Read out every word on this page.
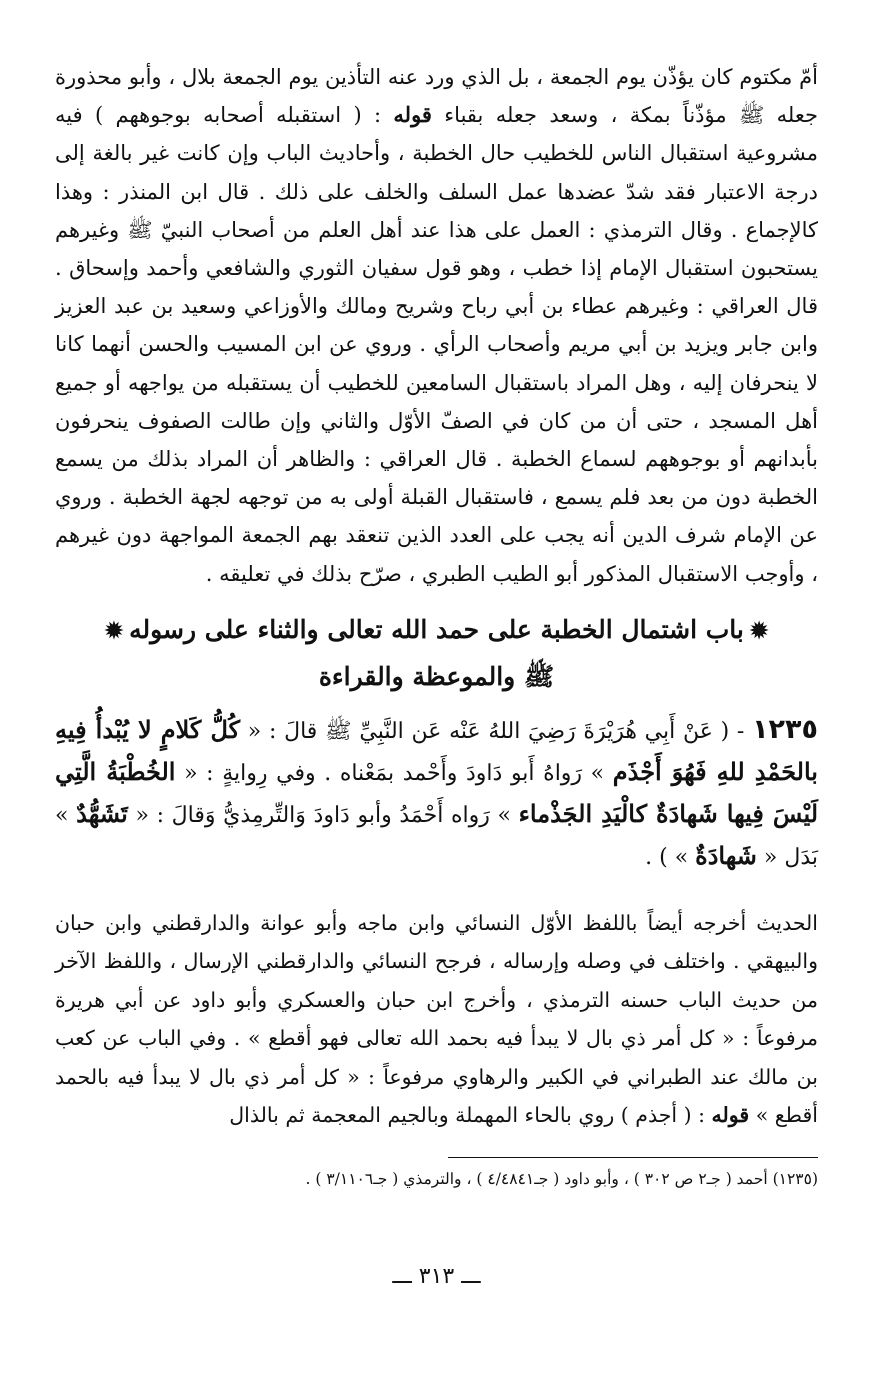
أمّ مكتوم كان يؤذّن يوم الجمعة ، بل الذي ورد عنه التأذين يوم الجمعة بلال ، وأبو محذورة جعله ﷺ مؤذّناً بمكة ، وسعد جعله بقباء قوله : ( استقبله أصحابه بوجوههم ) فيه مشروعية استقبال الناس للخطيب حال الخطبة ، وأحاديث الباب وإن كانت غير بالغة إلى درجة الاعتبار فقد شدّ عضدها عمل السلف والخلف على ذلك . قال ابن المنذر : وهذا كالإجماع . وقال الترمذي : العمل على هذا عند أهل العلم من أصحاب النبيّ ﷺ وغيرهم يستحبون استقبال الإمام إذا خطب ، وهو قول سفيان الثوري والشافعي وأحمد وإسحاق . قال العراقي : وغيرهم عطاء بن أبي رباح وشريح ومالك والأوزاعي وسعيد بن عبد العزيز وابن جابر ويزيد بن أبي مريم وأصحاب الرأي . وروي عن ابن المسيب والحسن أنهما كانا لا ينحرفان إليه ، وهل المراد باستقبال السامعين للخطيب أن يستقبله من يواجهه أو جميع أهل المسجد ، حتى أن من كان في الصفّ الأوّل والثاني وإن طالت الصفوف ينحرفون بأبدانهم أو بوجوههم لسماع الخطبة . قال العراقي : والظاهر أن المراد بذلك من يسمع الخطبة دون من بعد فلم يسمع ، فاستقبال القبلة أولى به من توجهه لجهة الخطبة . وروي عن الإمام شرف الدين أنه يجب على العدد الذين تنعقد بهم الجمعة المواجهة دون غيرهم ، وأوجب الاستقبال المذكور أبو الطيب الطبري ، صرّح بذلك في تعليقه .

✹باب اشتمال الخطبة على حمد الله تعالى والثناء على رسوله✹
ﷺ والموعظة والقراءة

١٢٣٥ - ( عَنْ أَبِي هُرَيْرَةَ رَضِيَ اللهُ عَنْه عَن النَّبِيِّ ﷺ قالَ : « كُلُّ كَلامٍ لا يُبْدأُ فِيهِ بالحَمْدِ للهِ فَهُوَ أَجْذَم » رَواهُ أَبو دَاودَ وأَحْمد بمَعْناه . وفي رِوايةٍ : « الخُطْبَةُ الَّتِي لَيْسَ فِيها شَهادَةٌ كالْيَدِ الجَذْماء » رَواه أَحْمَدُ وأبو دَاودَ وَالتِّرمِذيُّ وَقالَ : « تَشَهُّدٌ » بَدَل « شَهادَةٌ » ) .

الحديث أخرجه أيضاً باللفظ الأوّل النسائي وابن ماجه وأبو عوانة والدارقطني وابن حبان والبيهقي . واختلف في وصله وإرساله ، فرجح النسائي والدارقطني الإرسال ، واللفظ الآخر من حديث الباب حسنه الترمذي ، وأخرج ابن حبان والعسكري وأبو داود عن أبي هريرة مرفوعاً : « كل أمر ذي بال لا يبدأ فيه بحمد الله تعالى فهو أقطع » . وفي الباب عن كعب بن مالك عند الطبراني في الكبير والرهاوي مرفوعاً : « كل أمر ذي بال لا يبدأ فيه بالحمد أقطع » قوله : ( أجذم ) روي بالحاء المهملة وبالجيم المعجمة ثم بالذال

(١٢٣٥) أحمد ( جـ٢ ص ٣٠٢ ) ، وأبو داود ( جـ٤/٤٨٤١ ) ، والترمذي ( جـ٣/١١٠٦ ) .

ـــ ٣١٣ ـــ
